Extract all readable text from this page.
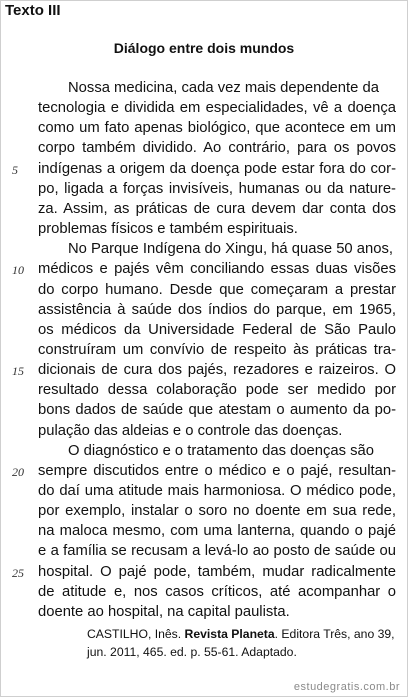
Texto III
Diálogo entre dois mundos
Nossa medicina, cada vez mais dependente da
tecnologia e dividida em especialidades, vê a doença
como um fato apenas biológico, que acontece em um
corpo também dividido. Ao contrário, para os povos
indígenas a origem da doença pode estar fora do cor-
po, ligada a forças invisíveis, humanas ou da nature-
za. Assim, as práticas de cura devem dar conta dos
problemas físicos e também espirituais.
No Parque Indígena do Xingu, há quase 50 anos,
médicos e pajés vêm conciliando essas duas visões
do corpo humano. Desde que começaram a prestar
assistência à saúde dos índios do parque, em 1965,
os médicos da Universidade Federal de São Paulo
construíram um convívio de respeito às práticas tra-
dicionais de cura dos pajés, rezadores e raizeiros. O
resultado dessa colaboração pode ser medido por
bons dados de saúde que atestam o aumento da po-
pulação das aldeias e o controle das doenças.
O diagnóstico e o tratamento das doenças são
sempre discutidos entre o médico e o pajé, resultan-
do daí uma atitude mais harmoniosa. O médico pode,
por exemplo, instalar o soro no doente em sua rede,
na maloca mesmo, com uma lanterna, quando o pajé
e a família se recusam a levá-lo ao posto de saúde ou
hospital. O pajé pode, também, mudar radicalmente
de atitude e, nos casos críticos, até acompanhar o
doente ao hospital, na capital paulista.
5
10
15
20
25
CASTILHO, Inês. Revista Planeta. Editora Três, ano 39,
jun. 2011, 465. ed. p. 55-61. Adaptado.
estudegratis.com.br
